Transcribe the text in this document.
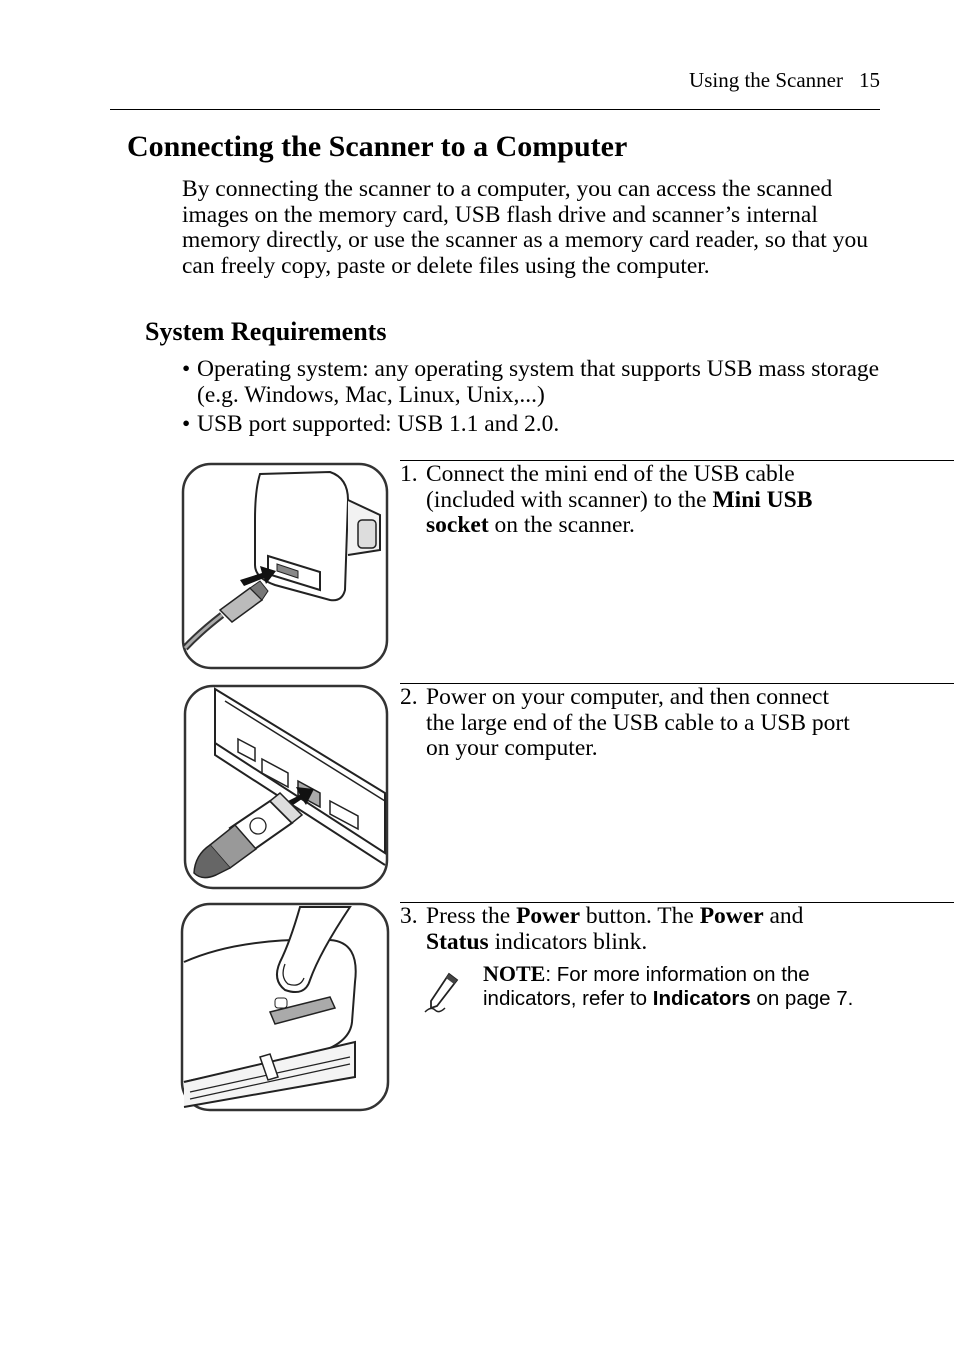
Using the Scanner 15
Connecting the Scanner to a Computer

By connecting the scanner to a computer, you can access the scanned images on the memory card, USB flash drive and scanner’s internal memory directly, or use the scanner as a memory card reader, so that you can freely copy, paste or delete files using the computer.

System Requirements
• Operating system: any operating system that supports USB mass storage (e.g. Windows, Mac, Linux, Unix,...)
• USB port supported: USB 1.1 and 2.0.
1. Connect the mini end of the USB cable
(included with scanner) to the Mini USB socket on the scanner.
2. Power on your computer, and then connect
the large end of the USB cable to a USB port on your computer.
3. Press the Power button. The Power and
Status indicators blink.
NOTE: For more information on the indicators, refer to Indicators on page 7.
